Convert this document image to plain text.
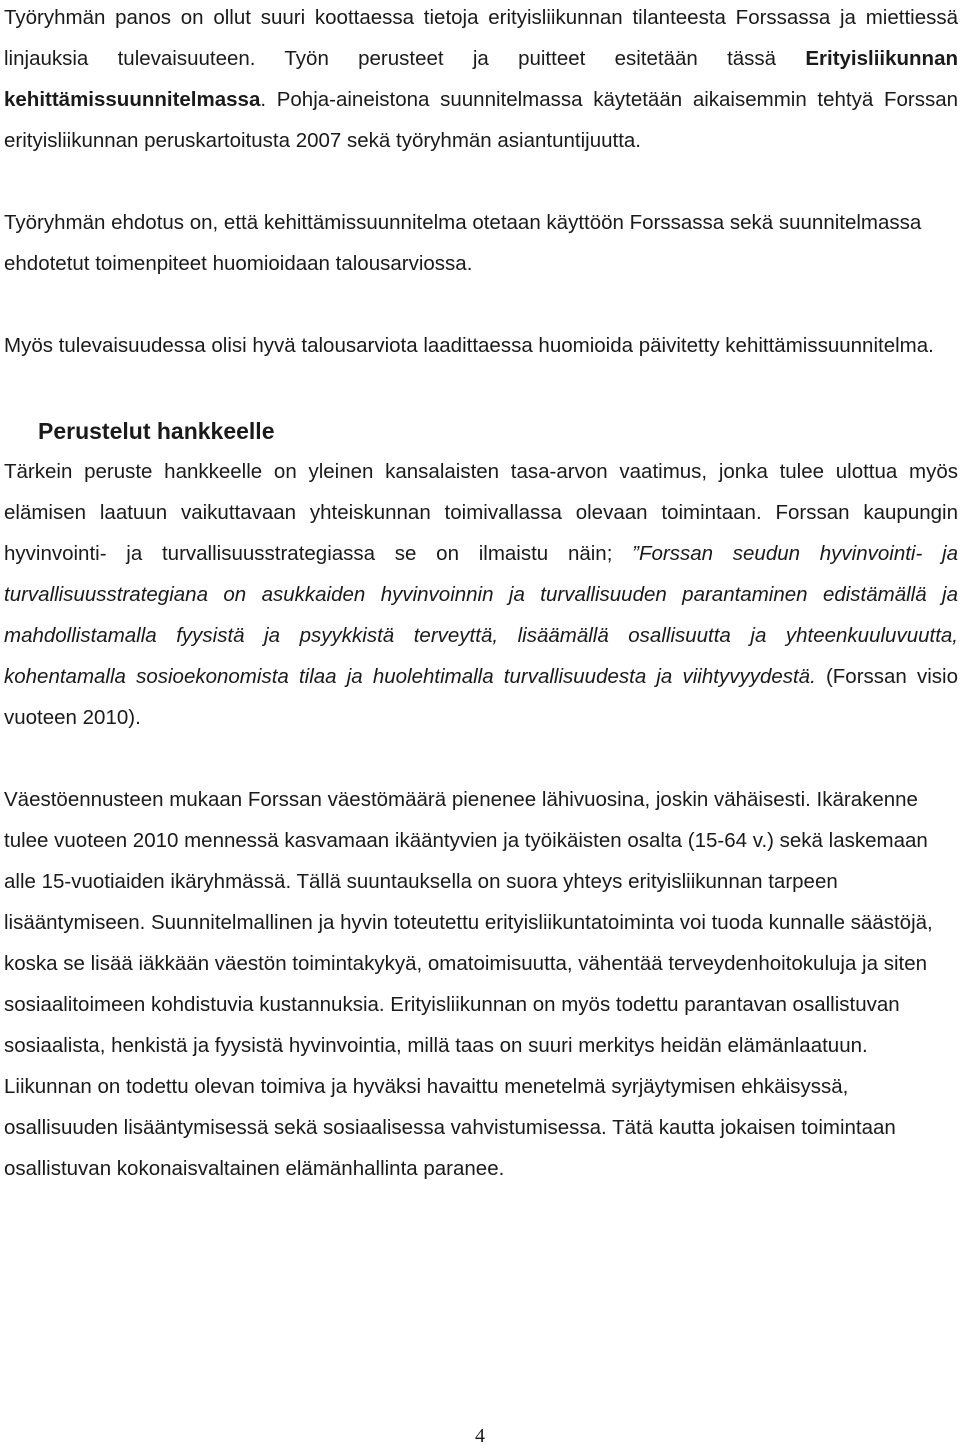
Työryhmän panos on ollut suuri koottaessa tietoja erityisliikunnan tilanteesta Forssassa ja miettiessä linjauksia tulevaisuuteen. Työn perusteet ja puitteet esitetään tässä Erityisliikunnan kehittämissuunnitelmassa. Pohja-aineistona suunnitelmassa käytetään aikaisemmin tehtyä Forssan erityisliikunnan peruskartoitusta 2007 sekä työryhmän asiantuntijuutta.

Työryhmän ehdotus on, että kehittämissuunnitelma otetaan käyttöön Forssassa sekä suunnitelmassa ehdotetut toimenpiteet huomioidaan talousarviossa.

Myös tulevaisuudessa olisi hyvä talousarviota laadittaessa huomioida päivitetty kehittämissuunnitelma.

Perustelut hankkeelle

Tärkein peruste hankkeelle on yleinen kansalaisten tasa-arvon vaatimus, jonka tulee ulottua myös elämisen laatuun vaikuttavaan yhteiskunnan toimivallassa olevaan toimintaan. Forssan kaupungin hyvinvointi- ja turvallisuusstrategiassa se on ilmaistu näin; ”Forssan seudun hyvinvointi- ja turvallisuusstrategiana on asukkaiden hyvinvoinnin ja turvallisuuden parantaminen edistämällä ja mahdollistamalla fyysistä ja psyykkistä terveyttä, lisäämällä osallisuutta ja yhteenkuuluvuutta, kohentamalla sosioekonomista tilaa ja huolehtimalla turvallisuudesta ja viihtyvyydestä. (Forssan visio vuoteen 2010).

Väestöennusteen mukaan Forssan väestömäärä pienenee lähivuosina, joskin vähäisesti. Ikärakenne tulee vuoteen 2010 mennessä kasvamaan ikääntyvien ja työikäisten osalta (15-64 v.) sekä laskemaan alle 15-vuotiaiden ikäryhmässä. Tällä suuntauksella on suora yhteys erityisliikunnan tarpeen lisääntymiseen. Suunnitelmallinen ja hyvin toteutettu erityisliikuntatoiminta voi tuoda kunnalle säästöjä, koska se lisää iäkkään väestön toimintakykyä, omatoimisuutta, vähentää terveydenhoitokuluja ja siten sosiaalitoimeen kohdistuvia kustannuksia. Erityisliikunnan on myös todettu parantavan osallistuvan sosiaalista, henkistä ja fyysistä hyvinvointia, millä taas on suuri merkitys heidän elämänlaatuun. Liikunnan on todettu olevan toimiva ja hyväksi havaittu menetelmä syrjäytymisen ehkäisyssä, osallisuuden lisääntymisessä sekä sosiaalisessa vahvistumisessa. Tätä kautta jokaisen toimintaan osallistuvan kokonaisvaltainen elämänhallinta paranee.

4
